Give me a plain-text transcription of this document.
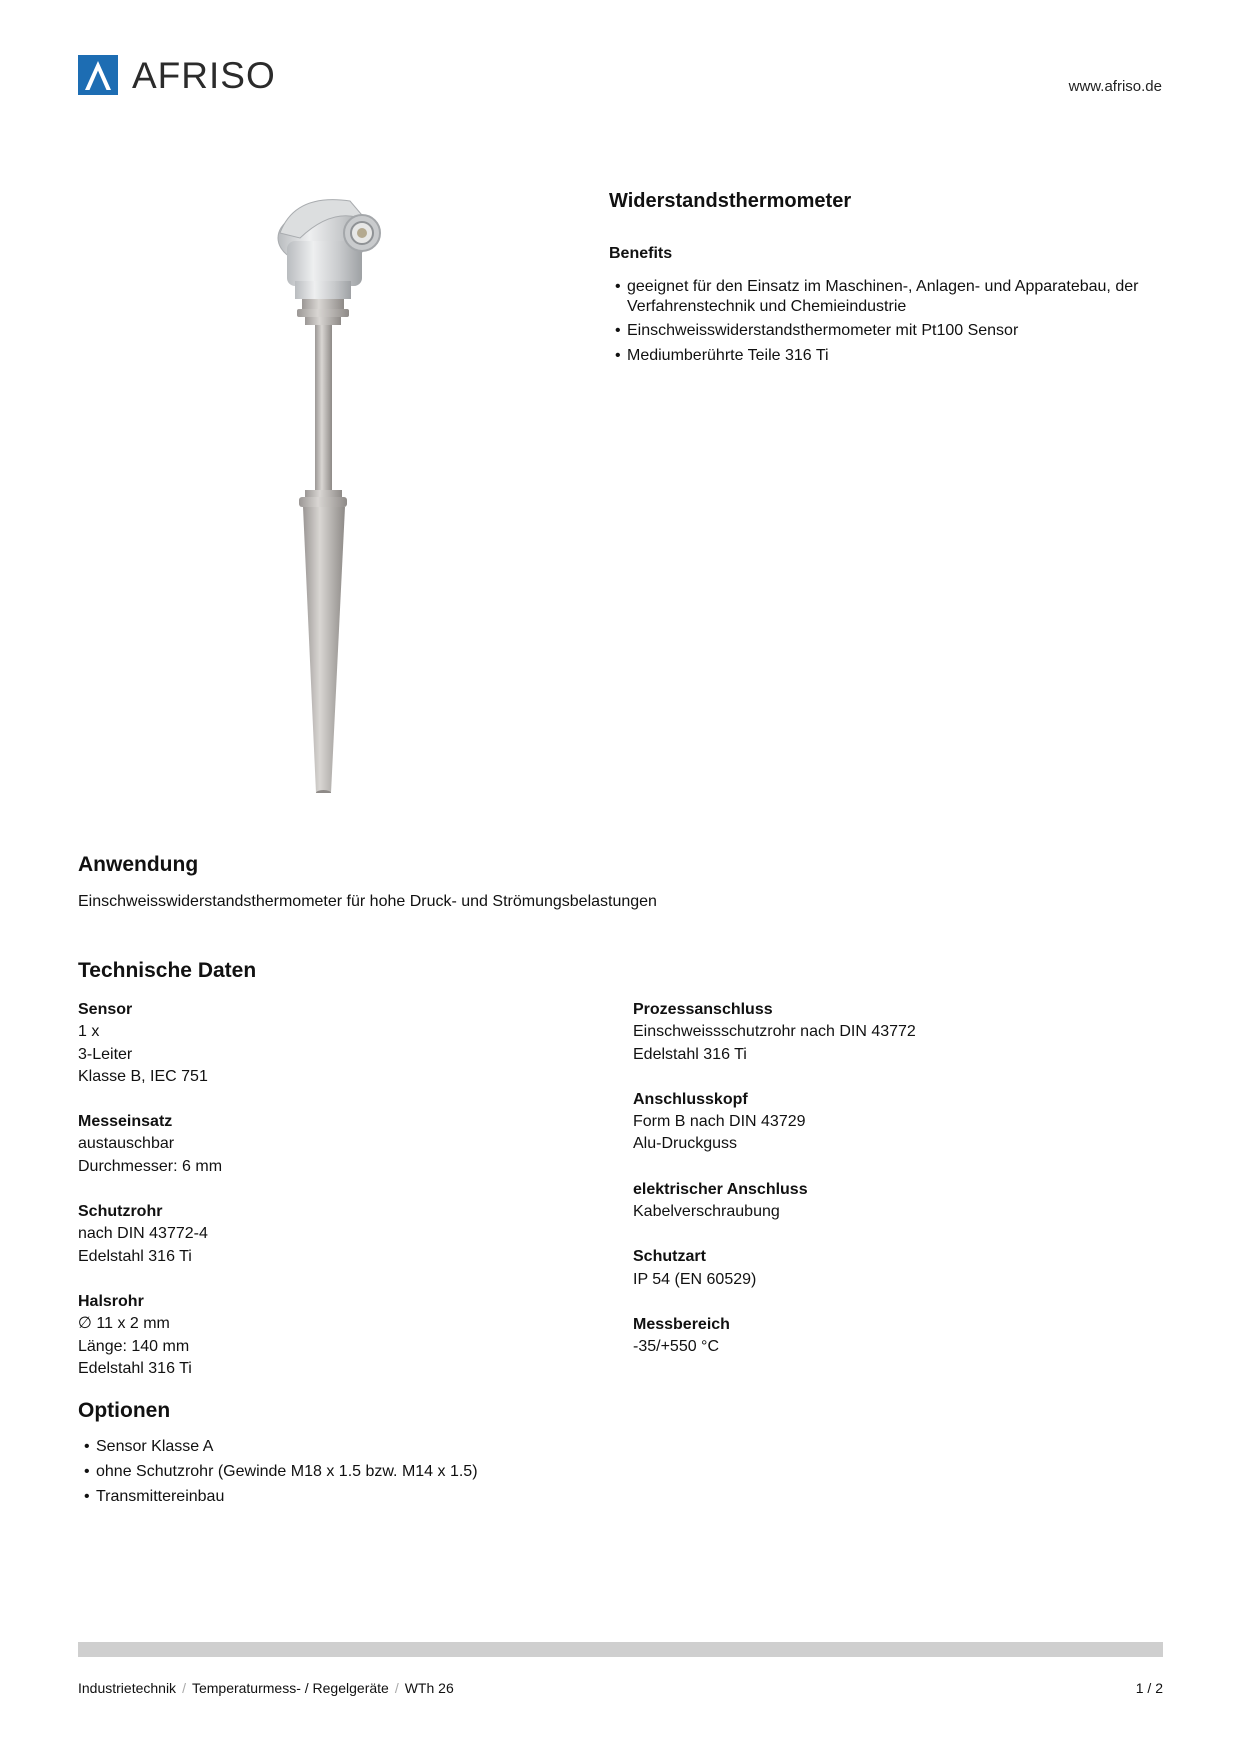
AFRISO	www.afriso.de
Widerstandsthermometer
Benefits
• geeignet für den Einsatz im Maschinen-, Anlagen- und Apparatebau, der Verfahrenstechnik und Chemieindustrie
• Einschweisswiderstandsthermometer mit Pt100 Sensor
• Mediumberührte Teile 316 Ti
Anwendung
Einschweisswiderstandsthermometer für hohe Druck- und Strömungsbelastungen
Technische Daten
Sensor
1 x
3-Leiter
Klasse B, IEC 751
Messeinsatz
austauschbar
Durchmesser: 6 mm
Schutzrohr
nach DIN 43772-4
Edelstahl 316 Ti
Halsrohr
∅ 11 x 2 mm
Länge: 140 mm
Edelstahl 316 Ti
Prozessanschluss
Einschweissschutzrohr nach DIN 43772
Edelstahl 316 Ti
Anschlusskopf
Form B nach DIN 43729
Alu-Druckguss
elektrischer Anschluss
Kabelverschraubung
Schutzart
IP 54 (EN 60529)
Messbereich
-35/+550 °C
Optionen
• Sensor Klasse A
• ohne Schutzrohr (Gewinde M18 x 1.5 bzw. M14 x 1.5)
• Transmittereinbau
Industrietechnik / Temperaturmess- / Regelgeräte / WTh 26	1 / 2
